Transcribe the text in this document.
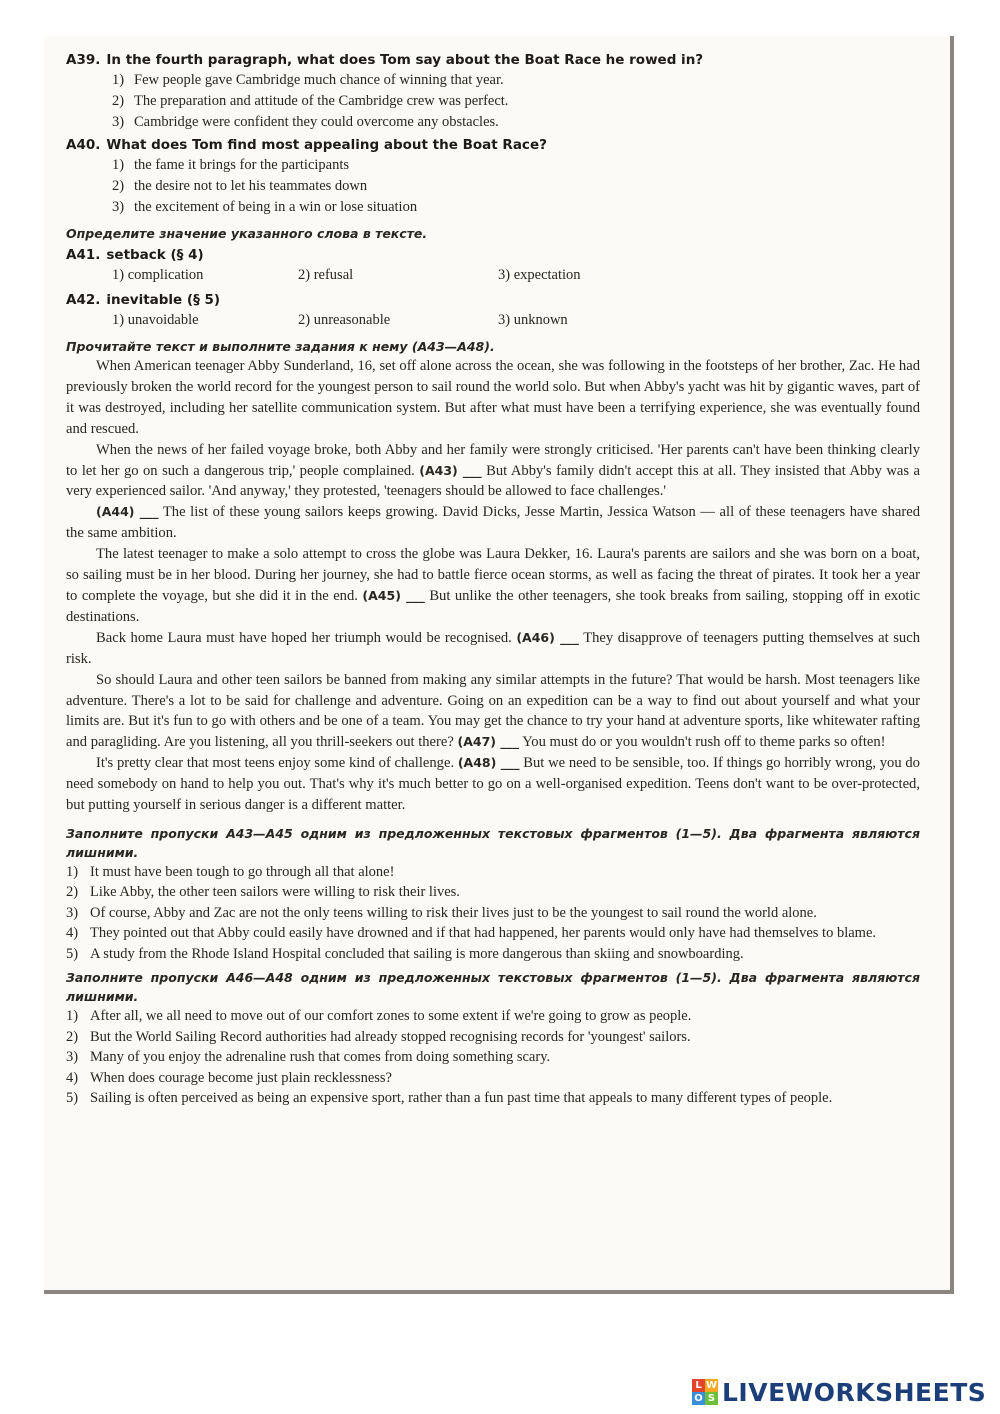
A39. In the fourth paragraph, what does Tom say about the Boat Race he rowed in?
1) Few people gave Cambridge much chance of winning that year.
2) The preparation and attitude of the Cambridge crew was perfect.
3) Cambridge were confident they could overcome any obstacles.
A40. What does Tom find most appealing about the Boat Race?
1) the fame it brings for the participants
2) the desire not to let his teammates down
3) the excitement of being in a win or lose situation
Определите значение указанного слова в тексте.
A41. setback (§ 4)
1) complication	2) refusal	3) expectation
A42. inevitable (§ 5)
1) unavoidable	2) unreasonable	3) unknown
Прочитайте текст и выполните задания к нему (А43—А48).
When American teenager Abby Sunderland, 16, set off alone across the ocean, she was following in the footsteps of her brother, Zac. He had previously broken the world record for the youngest person to sail round the world solo. But when Abby's yacht was hit by gigantic waves, part of it was destroyed, including her satellite communication system. But after what must have been a terrifying experience, she was eventually found and rescued.
When the news of her failed voyage broke, both Abby and her family were strongly criticised. 'Her parents can't have been thinking clearly to let her go on such a dangerous trip,' people complained. (A43) ___ But Abby's family didn't accept this at all. They insisted that Abby was a very experienced sailor. 'And anyway,' they protested, 'teenagers should be allowed to face challenges.'
(A44) ___ The list of these young sailors keeps growing. David Dicks, Jesse Martin, Jessica Watson — all of these teenagers have shared the same ambition.
The latest teenager to make a solo attempt to cross the globe was Laura Dekker, 16. Laura's parents are sailors and she was born on a boat, so sailing must be in her blood. During her journey, she had to battle fierce ocean storms, as well as facing the threat of pirates. It took her a year to complete the voyage, but she did it in the end. (A45) ___ But unlike the other teenagers, she took breaks from sailing, stopping off in exotic destinations.
Back home Laura must have hoped her triumph would be recognised. (A46) ___ They disapprove of teenagers putting themselves at such risk.
So should Laura and other teen sailors be banned from making any similar attempts in the future? That would be harsh. Most teenagers like adventure. There's a lot to be said for challenge and adventure. Going on an expedition can be a way to find out about yourself and what your limits are. But it's fun to go with others and be one of a team. You may get the chance to try your hand at adventure sports, like whitewater rafting and paragliding. Are you listening, all you thrill-seekers out there? (A47) ___ You must do or you wouldn't rush off to theme parks so often!
It's pretty clear that most teens enjoy some kind of challenge. (A48) ___ But we need to be sensible, too. If things go horribly wrong, you do need somebody on hand to help you out. That's why it's much better to go on a well-organised expedition. Teens don't want to be over-protected, but putting yourself in serious danger is a different matter.
Заполните пропуски А43—А45 одним из предложенных текстовых фрагментов (1—5). Два фрагмента являются лишними.
1) It must have been tough to go through all that alone!
2) Like Abby, the other teen sailors were willing to risk their lives.
3) Of course, Abby and Zac are not the only teens willing to risk their lives just to be the youngest to sail round the world alone.
4) They pointed out that Abby could easily have drowned and if that had happened, her parents would only have had themselves to blame.
5) A study from the Rhode Island Hospital concluded that sailing is more dangerous than skiing and snowboarding.
Заполните пропуски А46—А48 одним из предложенных текстовых фрагментов (1—5). Два фрагмента являются лишними.
1) After all, we all need to move out of our comfort zones to some extent if we're going to grow as people.
2) But the World Sailing Record authorities had already stopped recognising records for 'youngest' sailors.
3) Many of you enjoy the adrenaline rush that comes from doing something scary.
4) When does courage become just plain recklessness?
5) Sailing is often perceived as being an expensive sport, rather than a fun past time that appeals to many different types of people.
L W
O S LIVEWORKSHEETS
